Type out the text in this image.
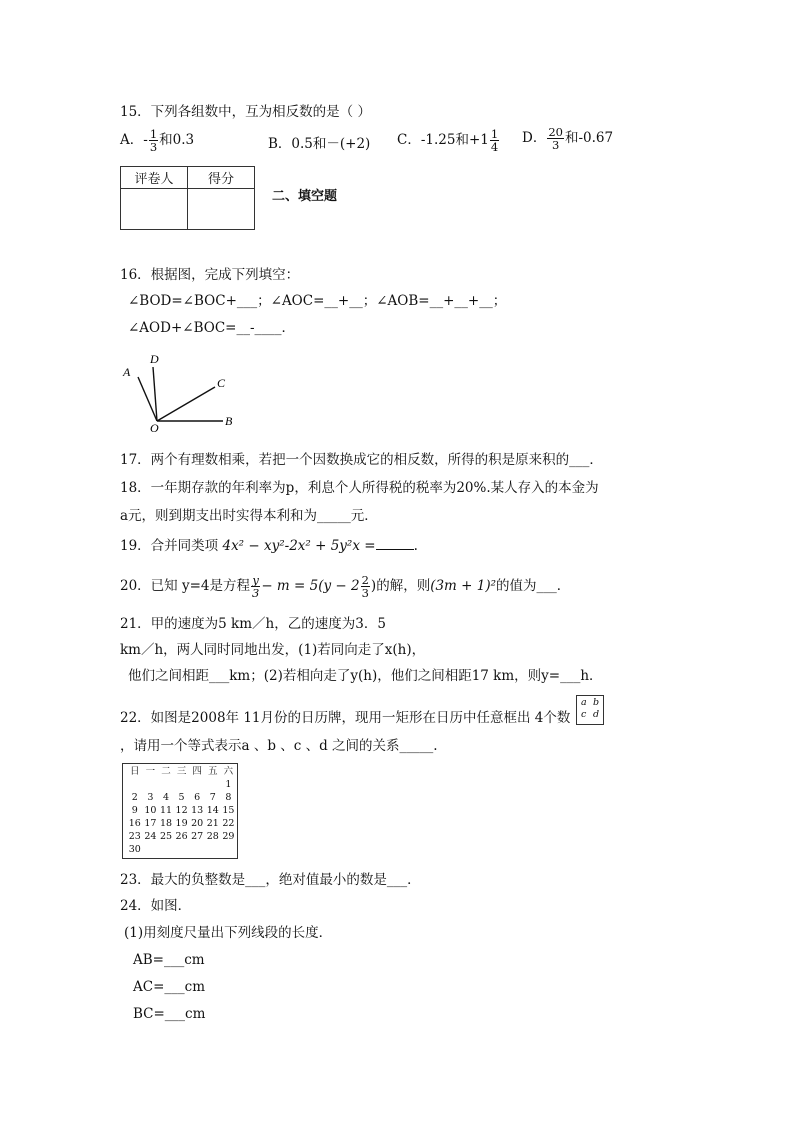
15．下列各组数中，互为相反数的是（ ）
A．- $\frac{1}{3}$ 和0.3	B．0.5和－(+2) C．-1.25和$+1 \frac{1}{4}$ D． $\frac{20}{3}$ 和-0.67
评卷人	得分

二、填空题
16．根据图，完成下列填空：
∠BOD=∠BOC+___；∠AOC=__+__；∠AOB=__+__+__；
∠AOD+∠BOC=__-____．
A
D
C
B
O
17．两个有理数相乘，若把一个因数换成它的相反数，所得的积是原来积的___．
18．一年期存款的年利率为p，利息个人所得税的税率为20%.某人存入的本金为
a元，则到期支出时实得本利和为_____元．
19．合并同类项 4x² − xy²-2x² + 5y²x =	.
20．已知 y=4是方程 $\frac{y}{3} - m = 5(y - 2 \frac{2}{3}$ )的解，则(3m + 1)²的值为___．
21．甲的速度为5 km／h，乙的速度为3．5
km／h，两人同时同地出发，(1)若同向走了x(h)，
他们之间相距___km；(2)若相向走了y(h)，他们之间相距17 km，则y=___h．
22．如图是2008年 11月份的日历牌，现用一矩形在日历中任意框出 4个数
a b
c d
，请用一个等式表示a 、b 、c 、d 之间的关系_____.
日	一	二	三	四	五	六
						1
2	3	4	5	6	7	8
9	10	11	12	13	14	15
16	17	18	19	20	21	22
23	24	25	26	27	28	29
30						
23．最大的负整数是___，绝对值最小的数是___．
24．如图．
(1)用刻度尺量出下列线段的长度．
AB=___cm
AC=___cm
BC=___cm
